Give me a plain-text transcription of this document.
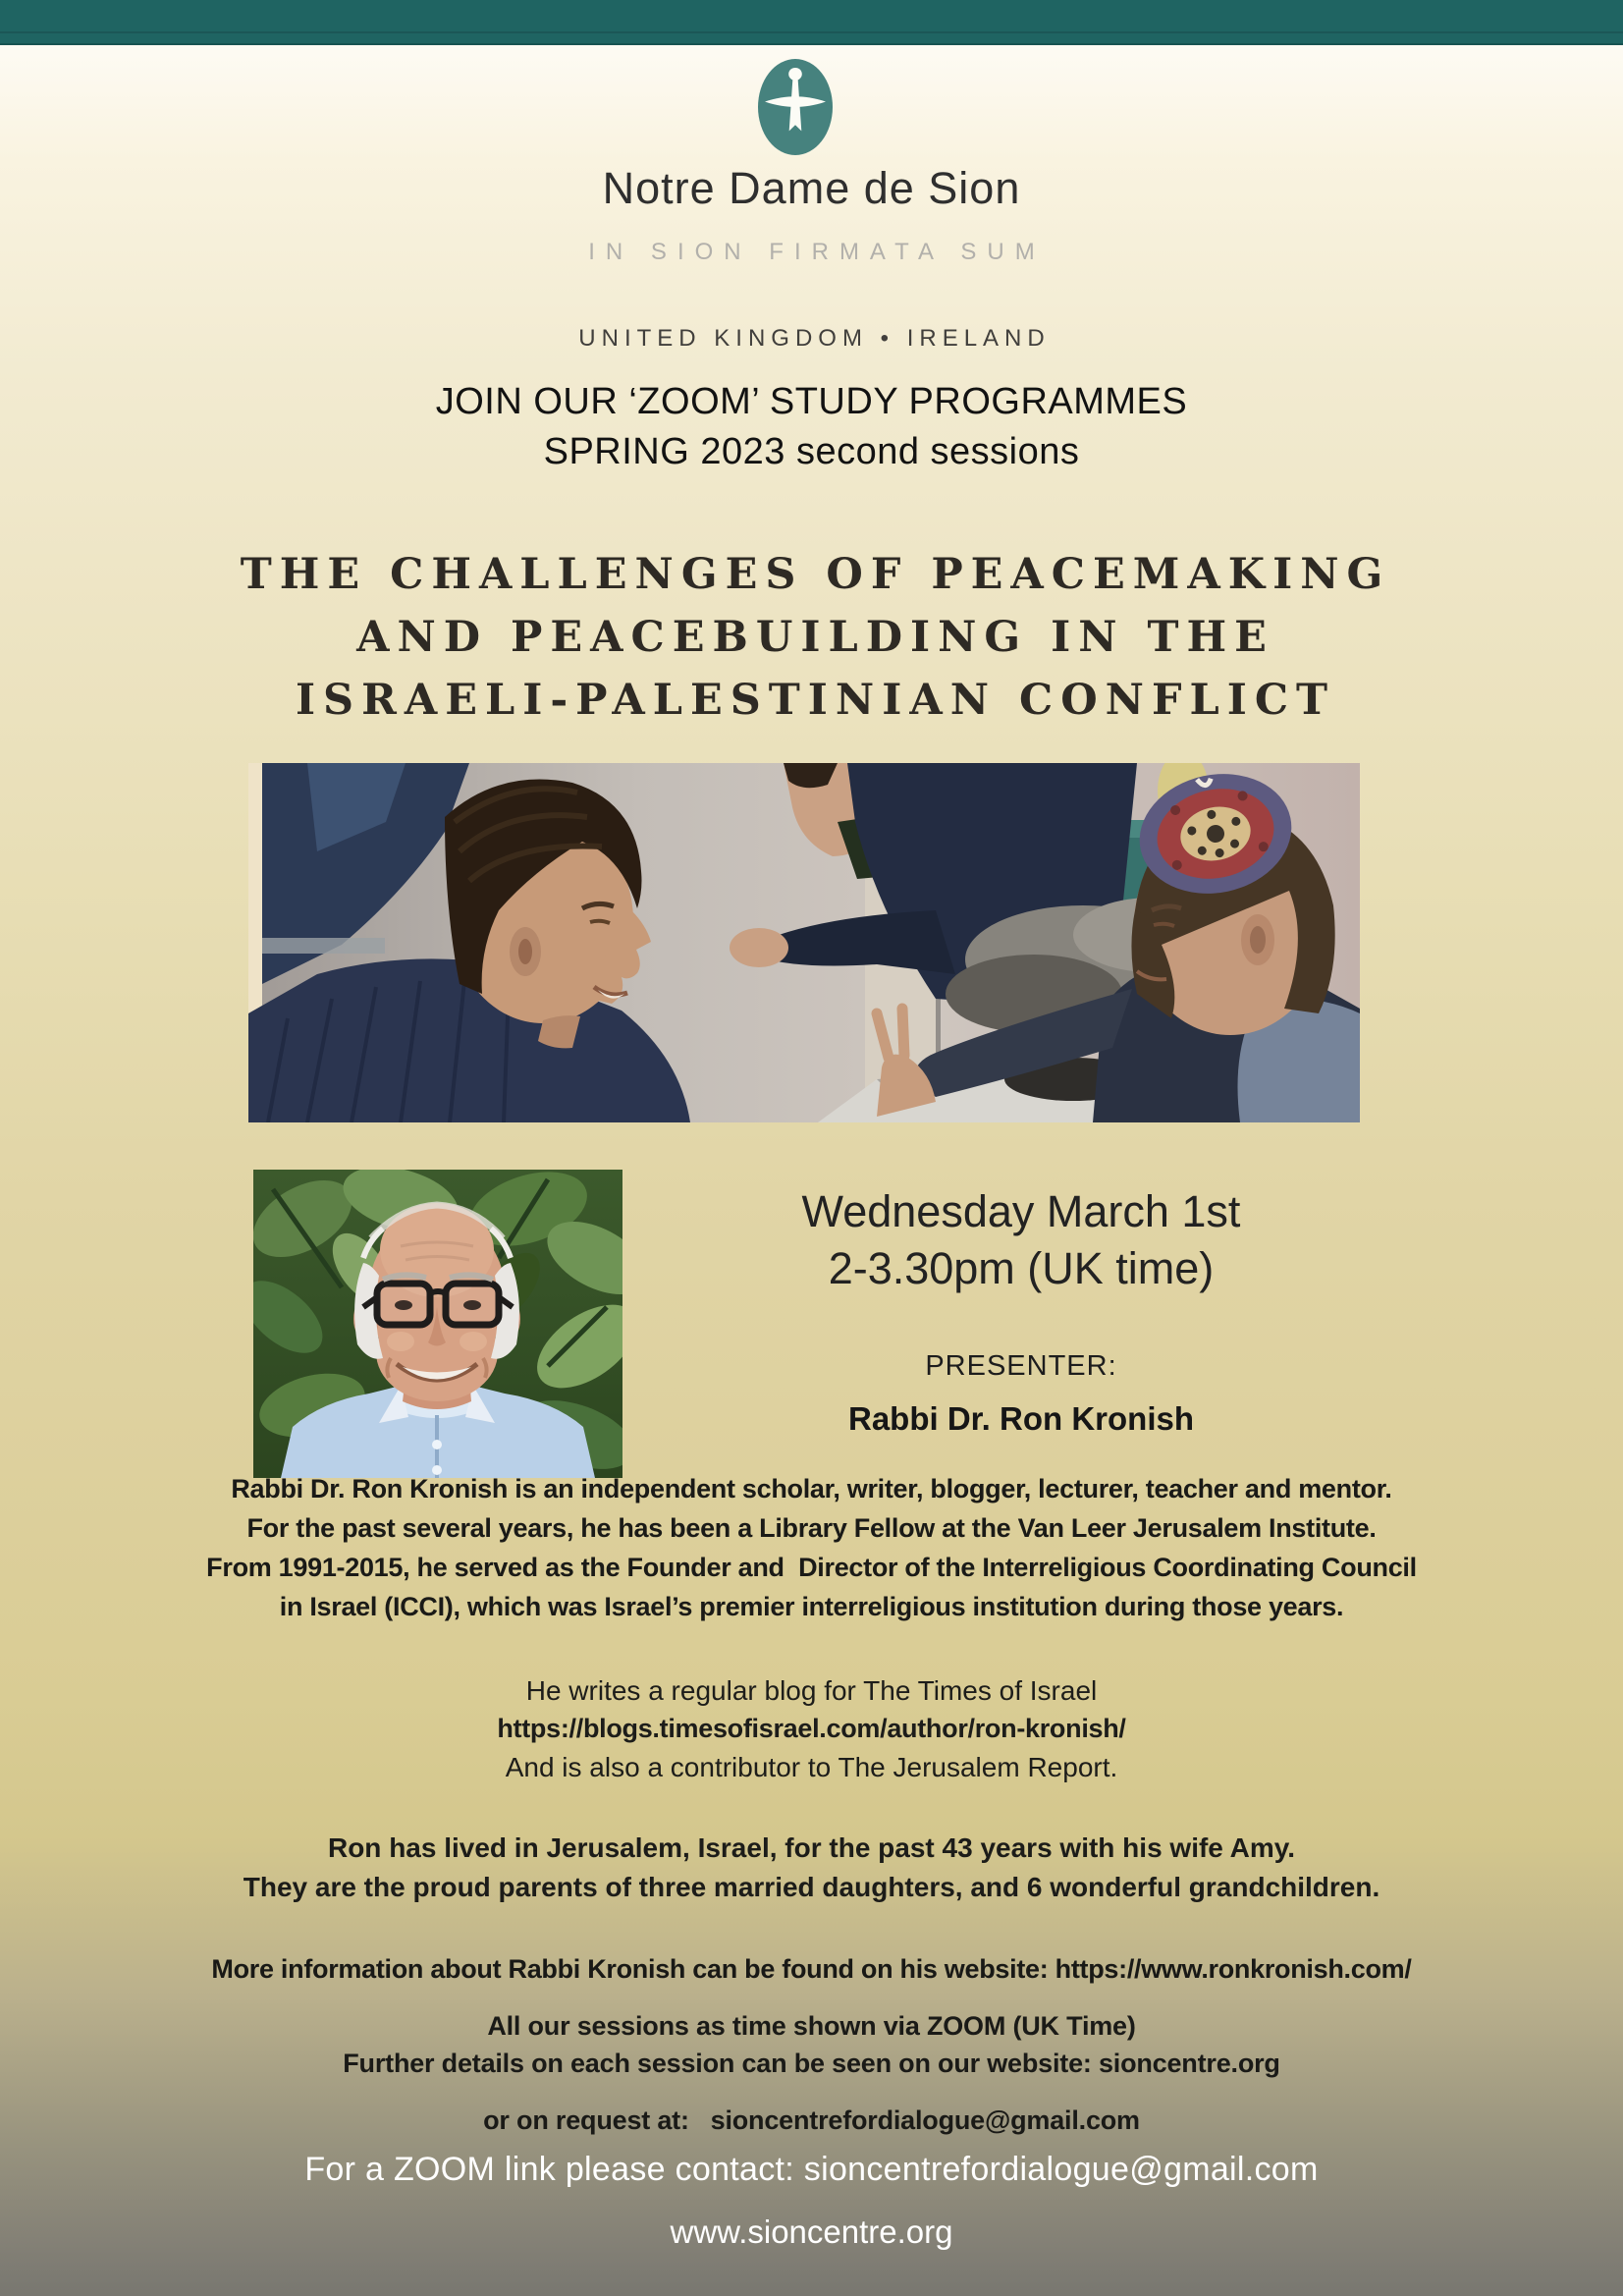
Notre Dame de Sion
IN SION FIRMATA SUM
UNITED KINGDOM • IRELAND
JOIN OUR ‘ZOOM’ STUDY PROGRAMMES
SPRING 2023 second sessions
THE CHALLENGES OF PEACEMAKING
AND PEACEBUILDING IN THE
ISRAELI-PALESTINIAN CONFLICT
Wednesday March 1st
2-3.30pm (UK time)
PRESENTER:
Rabbi Dr. Ron Kronish
Rabbi Dr. Ron Kronish is an independent scholar, writer, blogger, lecturer, teacher and mentor.
For the past several years, he has been a Library Fellow at the Van Leer Jerusalem Institute.
From 1991-2015, he served as the Founder and  Director of the Interreligious Coordinating Council
in Israel (ICCI), which was Israel’s premier interreligious institution during those years.
He writes a regular blog for The Times of Israel
https://blogs.timesofisrael.com/author/ron-kronish/
And is also a contributor to The Jerusalem Report.
Ron has lived in Jerusalem, Israel, for the past 43 years with his wife Amy.
They are the proud parents of three married daughters, and 6 wonderful grandchildren.
More information about Rabbi Kronish can be found on his website: https://www.ronkronish.com/
All our sessions as time shown via ZOOM (UK Time)
Further details on each session can be seen on our website: sioncentre.org
or on request at:   sioncentrefordialogue@gmail.com
For a ZOOM link please contact: sioncentrefordialogue@gmail.com
www.sioncentre.org
